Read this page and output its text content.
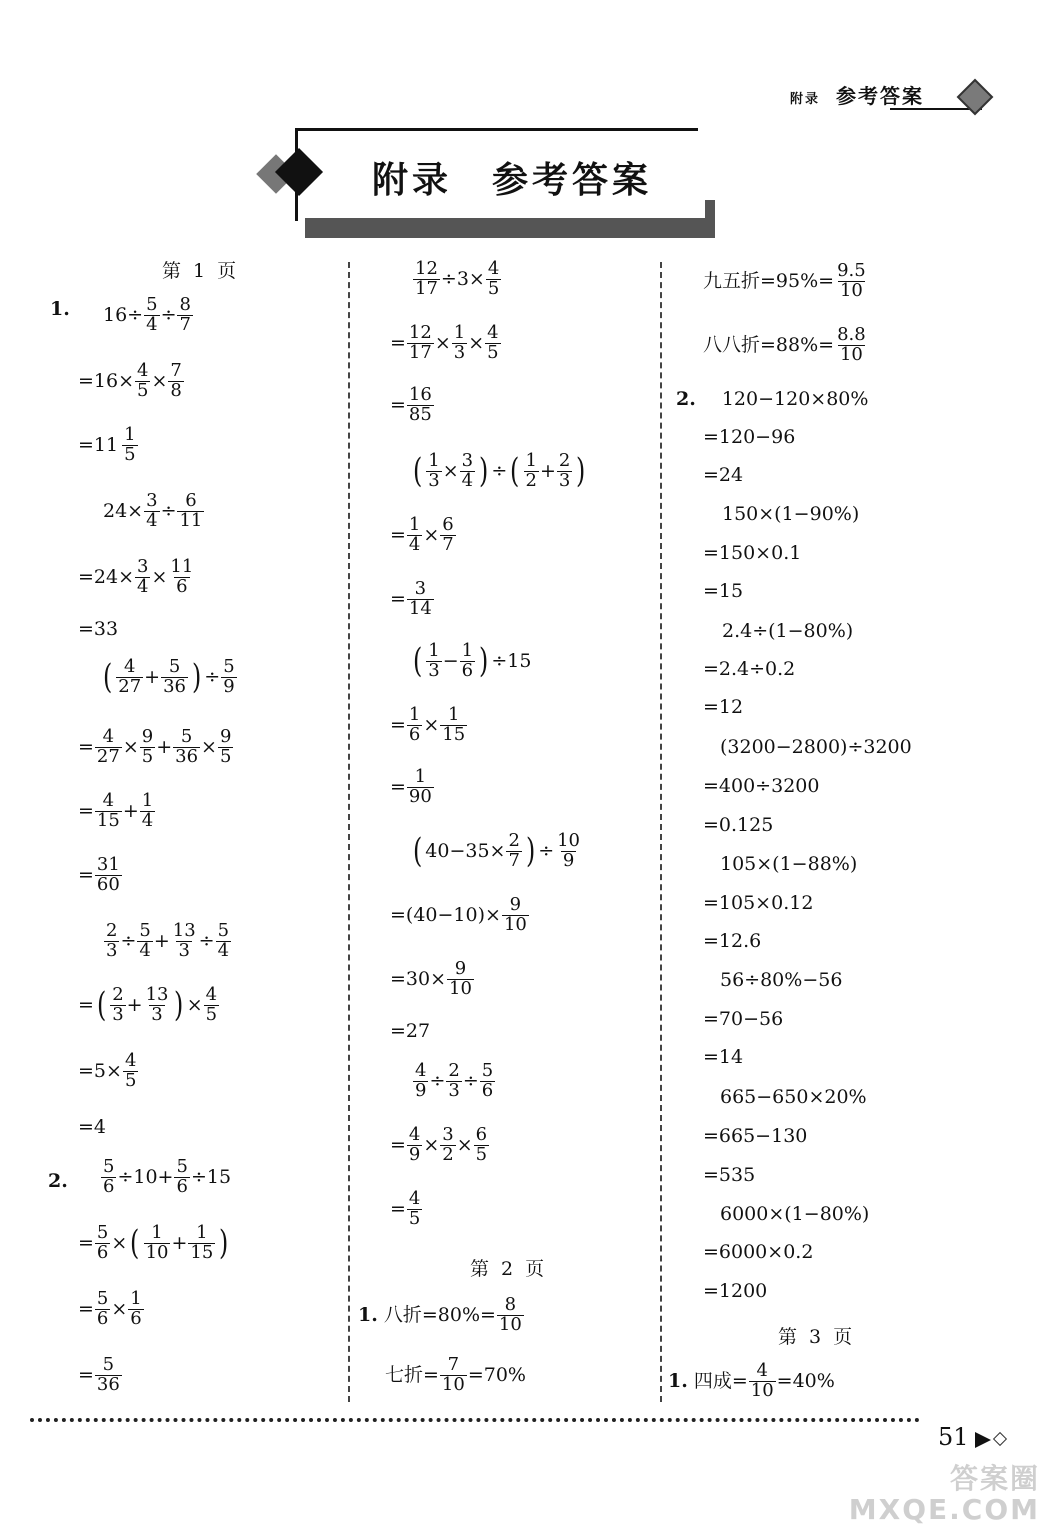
附录 参考答案
附录　参考答案
第 1 页
1. $16\div \frac{5}{4} \div \frac{8}{7}$
$=16\times \frac{4}{5} \times \frac{7}{8}$
$=11 \frac{1}{5}$
$24\times \frac{3}{4} \div \frac{6}{11}$
$=24\times \frac{3}{4} \times \frac{11}{6}$
=33
( $\frac{4}{27} + \frac{5}{36}$ ) ÷ $\frac{5}{9}$
= $\frac{4}{27} \times \frac{9}{5} + \frac{5}{36} \times \frac{9}{5}$
= $\frac{4}{15} + \frac{1}{4}$
= $\frac{31}{60}$
$\frac{2}{3} \div \frac{5}{4} + \frac{13}{3} \div \frac{5}{4}$
= ( $\frac{2}{3} + \frac{13}{3}$ ) × $\frac{4}{5}$
$=5\times \frac{4}{5}$
=4
2. $\frac{5}{6} \div 10+ \frac{5}{6} \div 15$
= $\frac{5}{6}$ × ( $\frac{1}{10} + \frac{1}{15}$ )
= $\frac{5}{6} \times \frac{1}{6}$
= $\frac{5}{36}$
$\frac{12}{17} \div 3\times \frac{4}{5}$
= $\frac{12}{17} \times \frac{1}{3} \times \frac{4}{5}$
= $\frac{16}{85}$
( $\frac{1}{3} \times \frac{3}{4}$ ) ÷ ( $\frac{1}{2} + \frac{2}{3}$ )
= $\frac{1}{4} \times \frac{6}{7}$
= $\frac{3}{14}$
( $\frac{1}{3} - \frac{1}{6}$ ) ÷15
= $\frac{1}{6} \times \frac{1}{15}$
= $\frac{1}{90}$
( $40-35\times \frac{2}{7}$ ) ÷ $\frac{10}{9}$
$=(40-10)\times \frac{9}{10}$
$=30\times \frac{9}{10}$
=27
$\frac{4}{9} \div \frac{2}{3} \div \frac{5}{6}$
= $\frac{4}{9} \times \frac{3}{2} \times \frac{6}{5}$
= $\frac{4}{5}$
第 2 页
1. 八折$=80\%= \frac{8}{10}$
七折= $\frac{7}{10} =70\%$
九五折$=95\%= \frac{9.5}{10}$
八八折$=88\%= \frac{8.8}{10}$
2. 120−120×80%
=120−96
=24
150×(1−90%)
=150×0.1
=15
2.4÷(1−80%)
=2.4÷0.2
=12
(3200−2800)÷3200
=400÷3200
=0.125
105×(1−88%)
=105×0.12
=12.6
56÷80%−56
=70−56
=14
665−650×20%
=665−130
=535
6000×(1−80%)
=6000×0.2
=1200
第 3 页
1. 四成= $\frac{4}{10} =40\%$
51
答案圈
MXQE.COM
